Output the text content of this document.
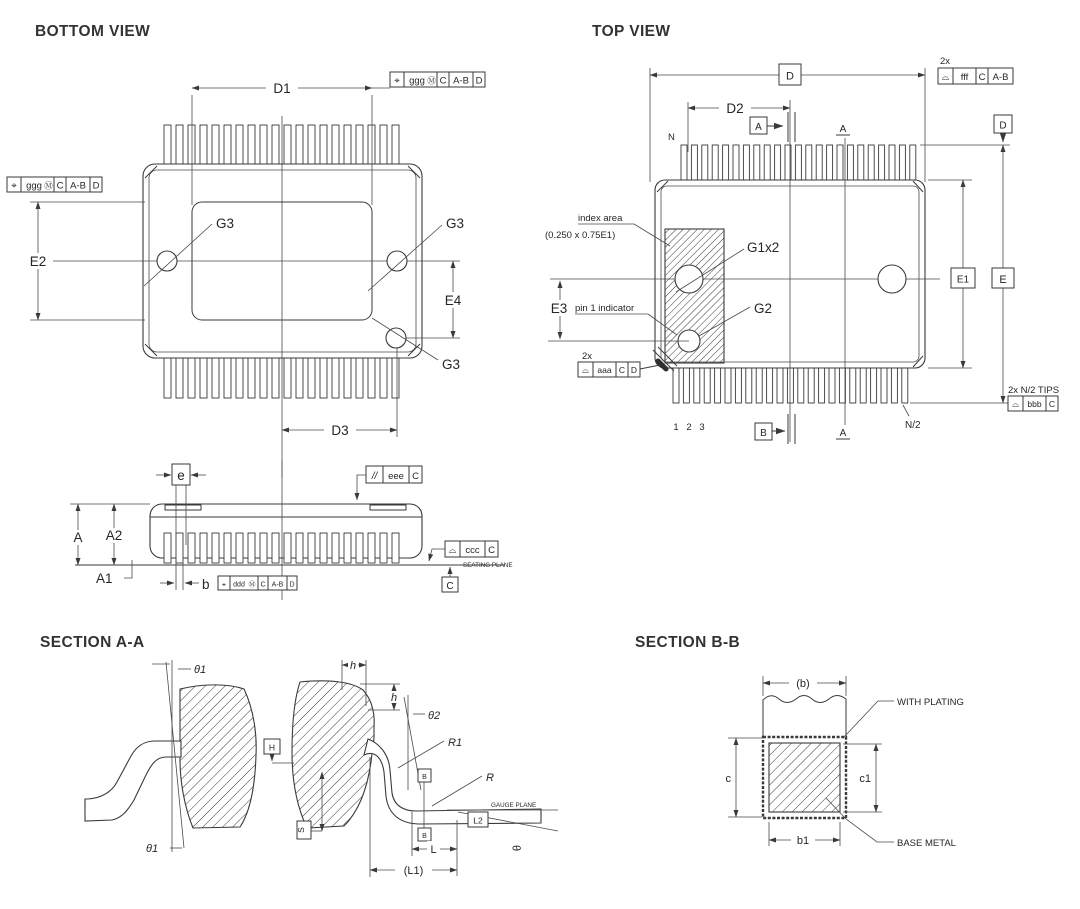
BOTTOM VIEW	TOP VIEW
SECTION A-A	SECTION B-B
G3	G3
G3
D1	⌖ ggg Ⓜ C A-B D
⌖ ggg Ⓜ C A-B D
E2
E4
D3
A A2
A1
e
b ⌖ ddd Ⓜ C A-B D
// eee C
⌓ ccc C
SEATING PLANE
C
G1x2
G2
index area
(0.250 x 0.75E1)
pin 1 indicator
E3
D
D2
A
N
A
A
B
1 2 3	N/2
E1	E
D
2x
⌓ fff C A-B
2x
⌓ aaa C D
2x N/2 TIPS
⌓ bbb C
θ1
θ1
H
h
h
θ2
R1
R
GAUGE PLANE
θ
L2
B
B
S
L
(L1)
(b)
c	c1
b1
WITH PLATING
BASE METAL
